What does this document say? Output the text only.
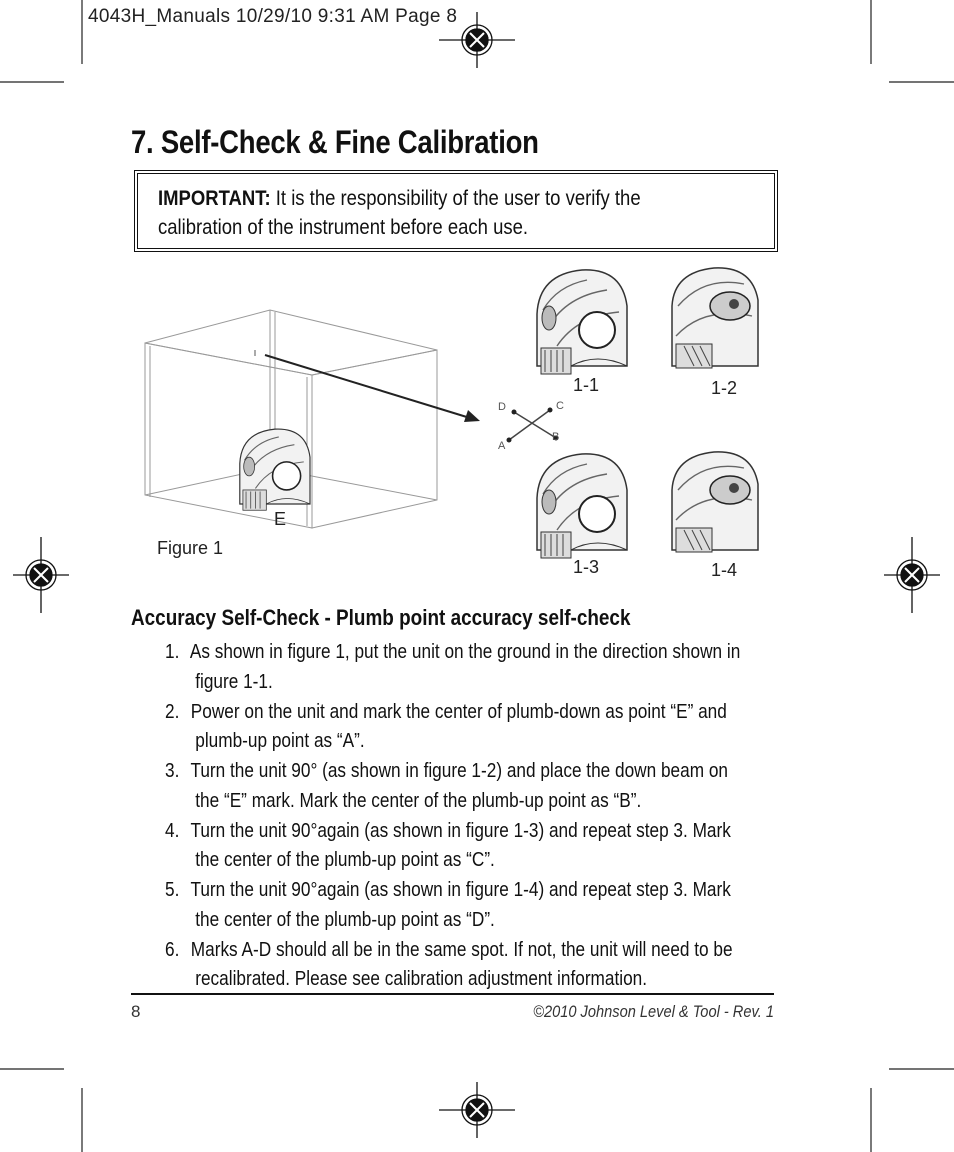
4043H_Manuals 10/29/10 9:31 AM Page 8
7. Self-Check & Fine Calibration
IMPORTANT: It is the responsibility of the user to verify the
calibration of the instrument before each use.
D	C
A
B
E
Figure 1
1-1	1-2
1-3	1-4
Accuracy Self-Check - Plumb point accuracy self-check
1. As shown in figure 1, put the unit on the ground in the direction shown in
figure 1-1.
2. Power on the unit and mark the center of plumb-down as point “E” and
plumb-up point as “A”.
3. Turn the unit 90° (as shown in figure 1-2) and place the down beam on
the “E” mark. Mark the center of the plumb-up point as “B”.
4. Turn the unit 90°again (as shown in figure 1-3) and repeat step 3. Mark
the center of the plumb-up point as “C”.
5. Turn the unit 90°again (as shown in figure 1-4) and repeat step 3. Mark
the center of the plumb-up point as “D”.
6. Marks A-D should all be in the same spot. If not, the unit will need to be
recalibrated. Please see calibration adjustment information.
8	©2010 Johnson Level & Tool - Rev. 1
